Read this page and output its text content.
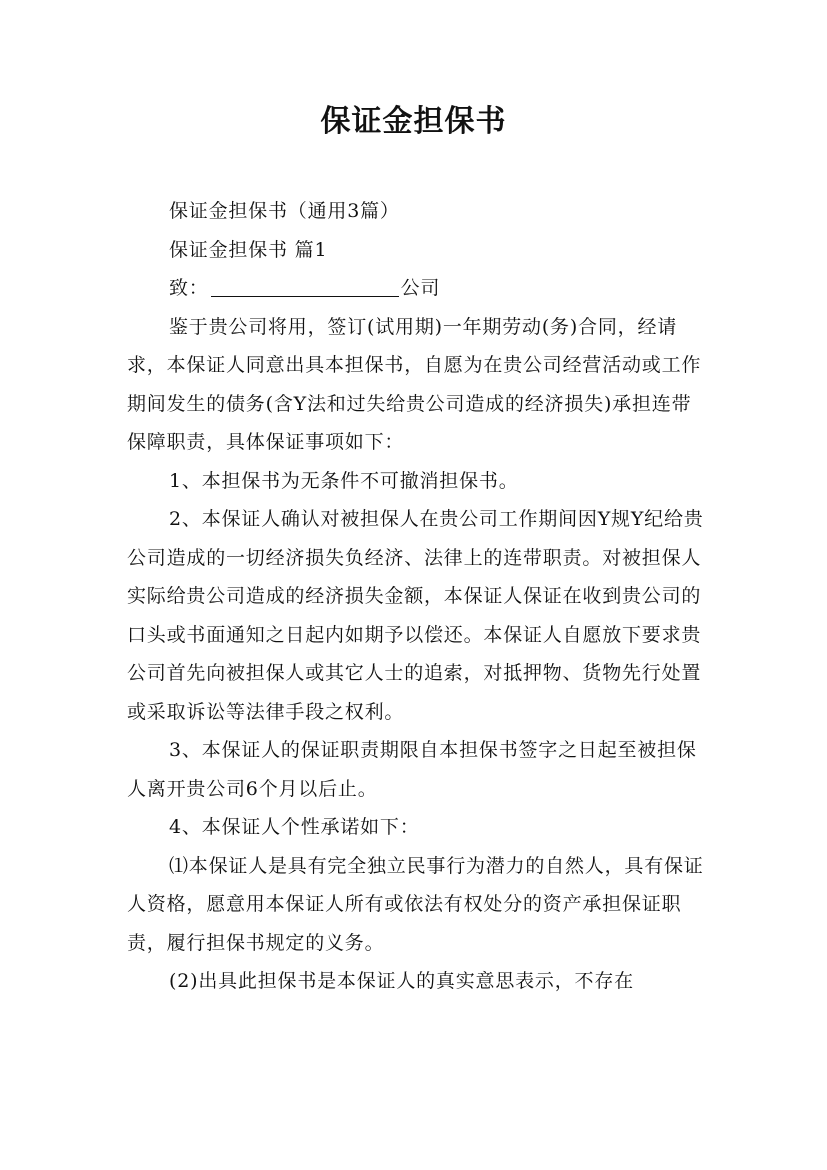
保证金担保书

保证金担保书（通用3篇）

保证金担保书 篇1

致：	公司

鉴于贵公司将用，签订(试用期)一年期劳动(务)合同，经请求，本保证人同意出具本担保书，自愿为在贵公司经营活动或工作期间发生的债务(含Y法和过失给贵公司造成的经济损失)承担连带保障职责，具体保证事项如下：

1、本担保书为无条件不可撤消担保书。

2、本保证人确认对被担保人在贵公司工作期间因Y规Y纪给贵公司造成的一切经济损失负经济、法律上的连带职责。对被担保人实际给贵公司造成的经济损失金额，本保证人保证在收到贵公司的口头或书面通知之日起内如期予以偿还。本保证人自愿放下要求贵公司首先向被担保人或其它人士的追索，对抵押物、货物先行处置或采取诉讼等法律手段之权利。

3、本保证人的保证职责期限自本担保书签字之日起至被担保人离开贵公司6个月以后止。

4、本保证人个性承诺如下：

⑴本保证人是具有完全独立民事行为潜力的自然人，具有保证人资格，愿意用本保证人所有或依法有权处分的资产承担保证职责，履行担保书规定的义务。

(2)出具此担保书是本保证人的真实意思表示，不存在
